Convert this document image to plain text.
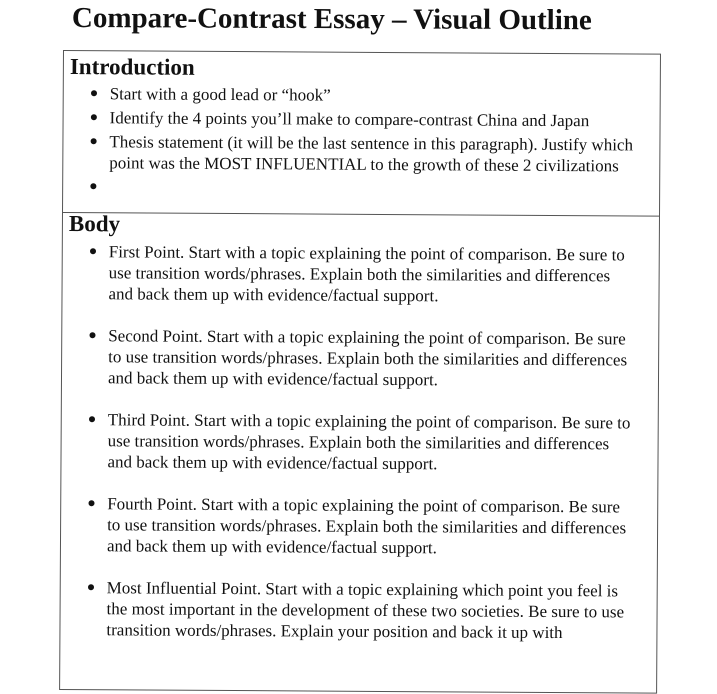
Compare-Contrast Essay – Visual Outline
Introduction
● Start with a good lead or “hook”
● Identify the 4 points you’ll make to compare-contrast China and Japan
● Thesis statement (it will be the last sentence in this paragraph). Justify which point was the MOST INFLUENTIAL to the growth of these 2 civilizations
●
Body
● First Point. Start with a topic explaining the point of comparison. Be sure to use transition words/phrases. Explain both the similarities and differences and back them up with evidence/factual support.
● Second Point. Start with a topic explaining the point of comparison. Be sure to use transition words/phrases. Explain both the similarities and differences and back them up with evidence/factual support.
● Third Point. Start with a topic explaining the point of comparison. Be sure to use transition words/phrases. Explain both the similarities and differences and back them up with evidence/factual support.
● Fourth Point. Start with a topic explaining the point of comparison. Be sure to use transition words/phrases. Explain both the similarities and differences and back them up with evidence/factual support.
● Most Influential Point. Start with a topic explaining which point you feel is the most important in the development of these two societies. Be sure to use transition words/phrases. Explain your position and back it up with
